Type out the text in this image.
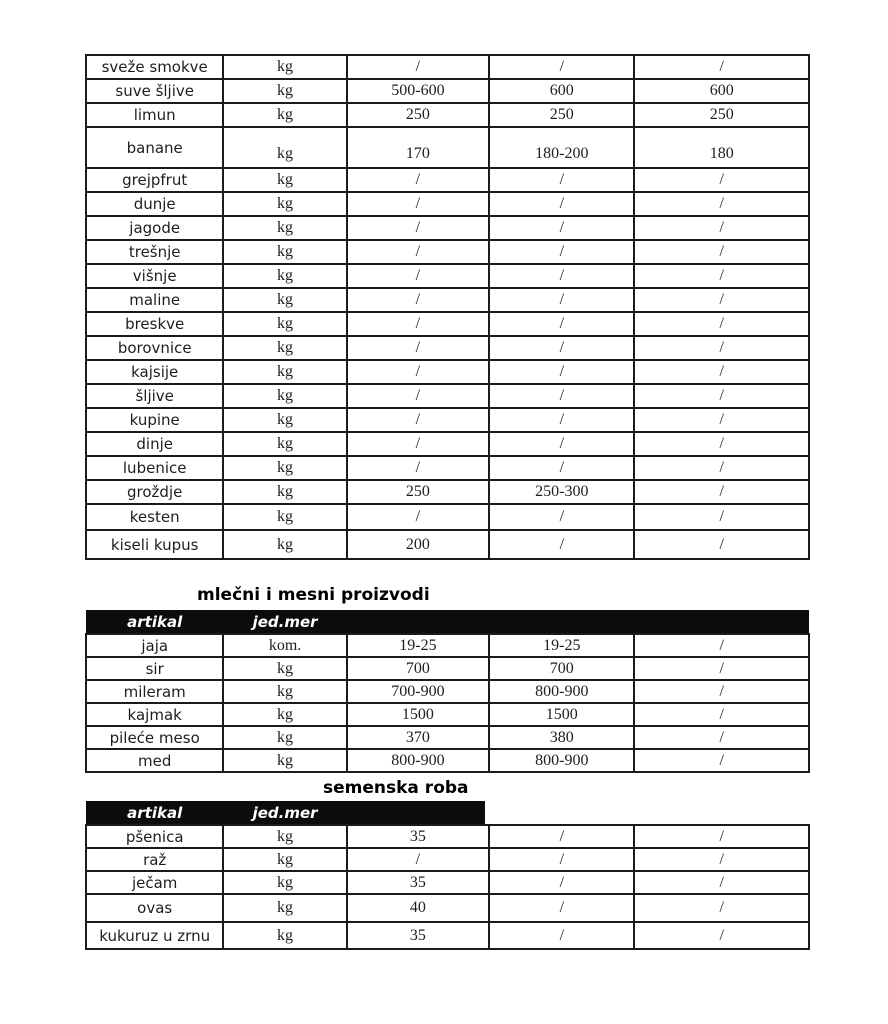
sveže smokve	kg	/	/	/
suve šljive	kg	500-600	600	600
limun	kg	250	250	250
banane	kg	170	180-200	180
grejpfrut	kg	/	/	/
dunje	kg	/	/	/
jagode	kg	/	/	/
trešnje	kg	/	/	/
višnje	kg	/	/	/
maline	kg	/	/	/
breskve	kg	/	/	/
borovnice	kg	/	/	/
kajsije	kg	/	/	/
šljive	kg	/	/	/
kupine	kg	/	/	/
dinje	kg	/	/	/
lubenice	kg	/	/	/
groždje	kg	250	250-300	/
kesten	kg	/	/	/
kiseli kupus	kg	200	/	/
mlečni i mesni proizvodi
artikal	jed.mer			
jaja	kom.	19-25	19-25	/
sir	kg	700	700	/
mileram	kg	700-900	800-900	/
kajmak	kg	1500	1500	/
pileće meso	kg	370	380	/
med	kg	800-900	800-900	/
semenska roba
artikal	jed.mer			
pšenica	kg	35	/	/
raž	kg	/	/	/
ječam	kg	35	/	/
ovas	kg	40	/	/
kukuruz u zrnu	kg	35	/	/
